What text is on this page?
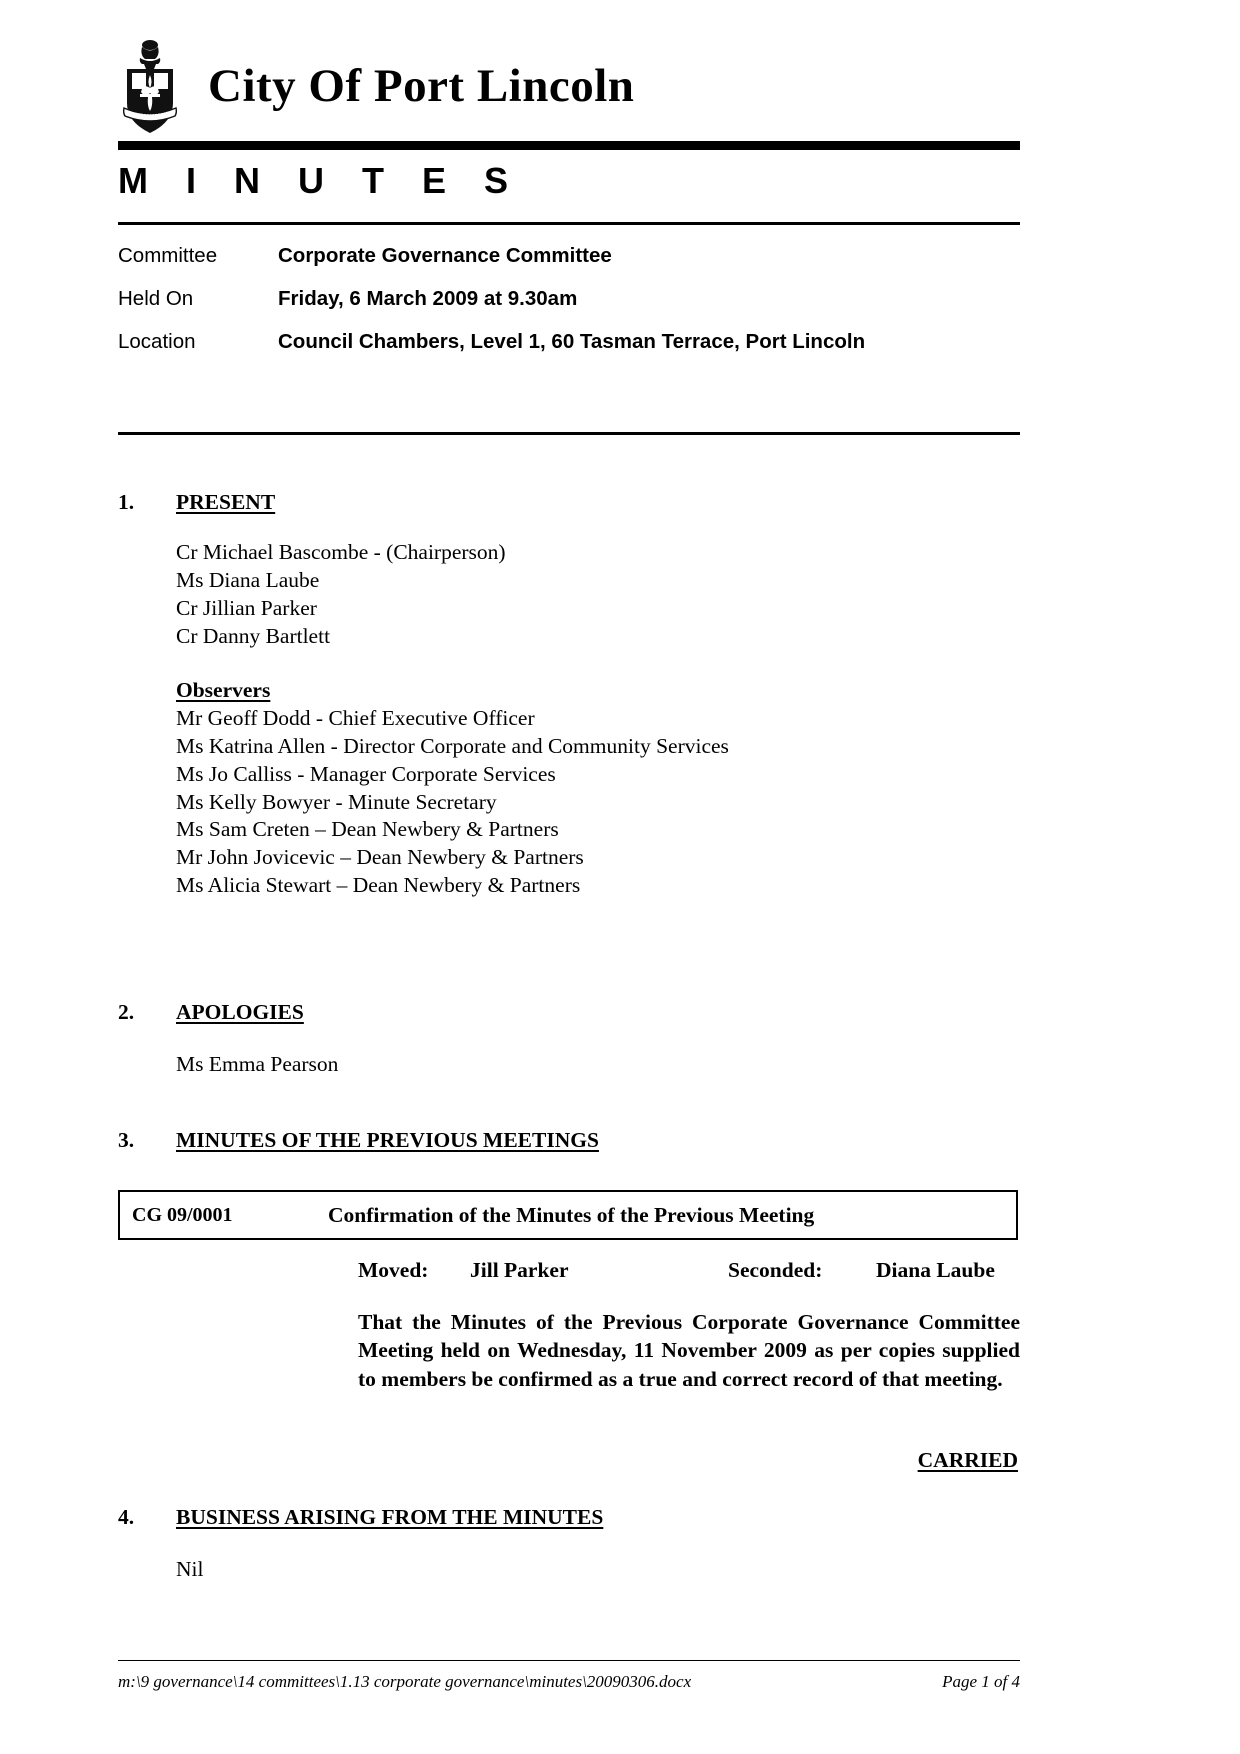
City Of Port Lincoln
M I N U T E S
Committee	Corporate Governance Committee
Held On	Friday, 6 March 2009 at 9.30am
Location	Council Chambers, Level 1, 60 Tasman Terrace, Port Lincoln
1.	PRESENT
Cr Michael Bascombe - (Chairperson)
Ms Diana Laube
Cr Jillian Parker
Cr Danny Bartlett
Observers
Mr Geoff Dodd - Chief Executive Officer
Ms Katrina Allen - Director Corporate and Community Services
Ms Jo Calliss - Manager Corporate Services
Ms Kelly Bowyer - Minute Secretary
Ms Sam Creten – Dean Newbery & Partners
Mr John Jovicevic – Dean Newbery & Partners
Ms Alicia Stewart – Dean Newbery & Partners
2.	APOLOGIES
Ms Emma Pearson
3.	MINUTES OF THE PREVIOUS MEETINGS
CG 09/0001	Confirmation of the Minutes of the Previous Meeting
Moved:	Jill Parker	Seconded:	Diana Laube
That the Minutes of the Previous Corporate Governance Committee Meeting held on Wednesday, 11 November 2009 as per copies supplied to members be confirmed as a true and correct record of that meeting.
CARRIED
4.	BUSINESS ARISING FROM THE MINUTES
Nil
m:\9 governance\14 committees\1.13 corporate governance\minutes\20090306.docx	Page 1 of 4
